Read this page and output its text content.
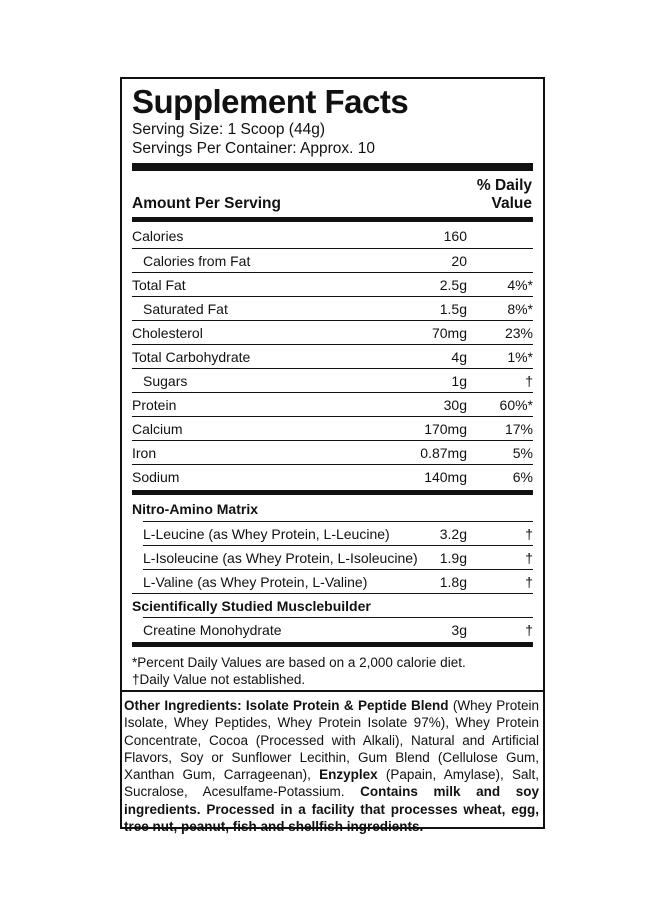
Supplement Facts
Serving Size: 1 Scoop (44g)
Servings Per Container: Approx. 10
Amount Per Serving
% Daily
Value
Calories	160
Calories from Fat	20
Total Fat	2.5g	4%*
Saturated Fat	1.5g	8%*
Cholesterol	70mg	23%
Total Carbohydrate	4g	1%*
Sugars	1g	†
Protein	30g 60%*
Calcium	170mg	17%
Iron	0.87mg	5%
Sodium	140mg	6%
Nitro-Amino Matrix
L-Leucine (as Whey Protein, L-Leucine)	3.2g	†
L-Isoleucine (as Whey Protein, L-Isoleucine) 1.9g	†
L-Valine (as Whey Protein, L-Valine)	1.8g	†
Scientifically Studied Musclebuilder
Creatine Monohydrate	3g	†
*Percent Daily Values are based on a 2,000 calorie diet.
†Daily Value not established.
Other Ingredients: Isolate Protein & Peptide Blend (Whey Protein Isolate, Whey Peptides, Whey Protein Isolate 97%), Whey Protein Concentrate, Cocoa (Processed with Alkali), Natural and Artificial Flavors, Soy or Sunflower Lecithin, Gum Blend (Cellulose Gum, Xanthan Gum, Carrageenan), Enzyplex (Papain, Amylase), Salt, Sucralose, Acesulfame-Potassium. Contains milk and soy ingredients. Processed in a facility that processes wheat, egg, tree nut, peanut, fish and shellfish ingredients.
